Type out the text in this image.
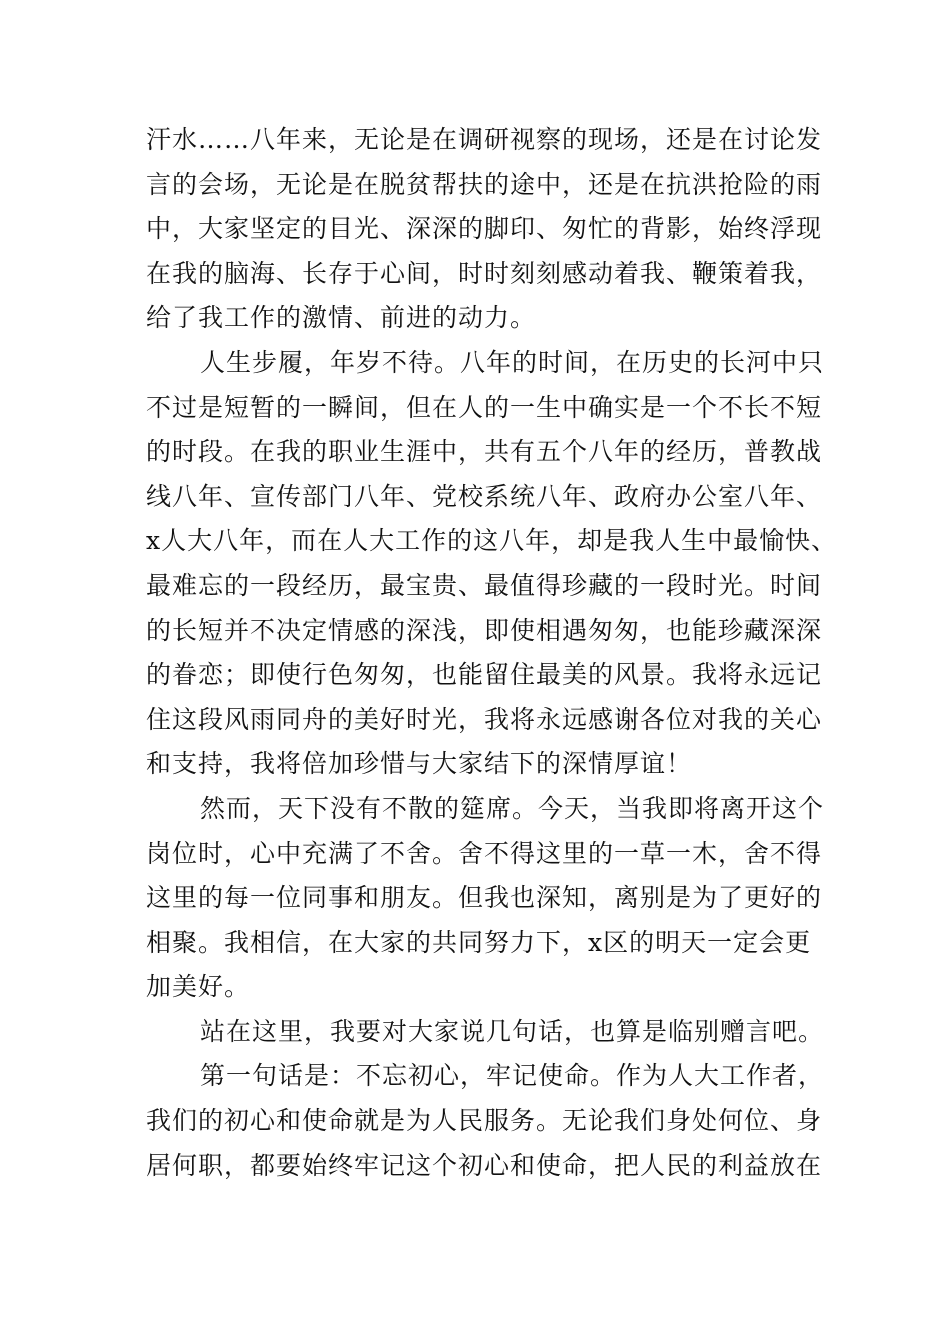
汗水……八年来，无论是在调研视察的现场，还是在讨论发
言的会场，无论是在脱贫帮扶的途中，还是在抗洪抢险的雨
中，大家坚定的目光、深深的脚印、匆忙的背影，始终浮现
在我的脑海、长存于心间，时时刻刻感动着我、鞭策着我，
给了我工作的激情、前进的动力。

人生步履，年岁不待。八年的时间，在历史的长河中只
不过是短暂的一瞬间，但在人的一生中确实是一个不长不短
的时段。在我的职业生涯中，共有五个八年的经历，普教战
线八年、宣传部门八年、党校系统八年、政府办公室八年、
x人大八年，而在人大工作的这八年，却是我人生中最愉快、
最难忘的一段经历，最宝贵、最值得珍藏的一段时光。时间
的长短并不决定情感的深浅，即使相遇匆匆，也能珍藏深深
的眷恋；即使行色匆匆，也能留住最美的风景。我将永远记
住这段风雨同舟的美好时光，我将永远感谢各位对我的关心
和支持，我将倍加珍惜与大家结下的深情厚谊！

然而，天下没有不散的筵席。今天，当我即将离开这个
岗位时，心中充满了不舍。舍不得这里的一草一木，舍不得
这里的每一位同事和朋友。但我也深知，离别是为了更好的
相聚。我相信，在大家的共同努力下，x区的明天一定会更
加美好。

站在这里，我要对大家说几句话，也算是临别赠言吧。

第一句话是：不忘初心，牢记使命。作为人大工作者，
我们的初心和使命就是为人民服务。无论我们身处何位、身
居何职，都要始终牢记这个初心和使命，把人民的利益放在
